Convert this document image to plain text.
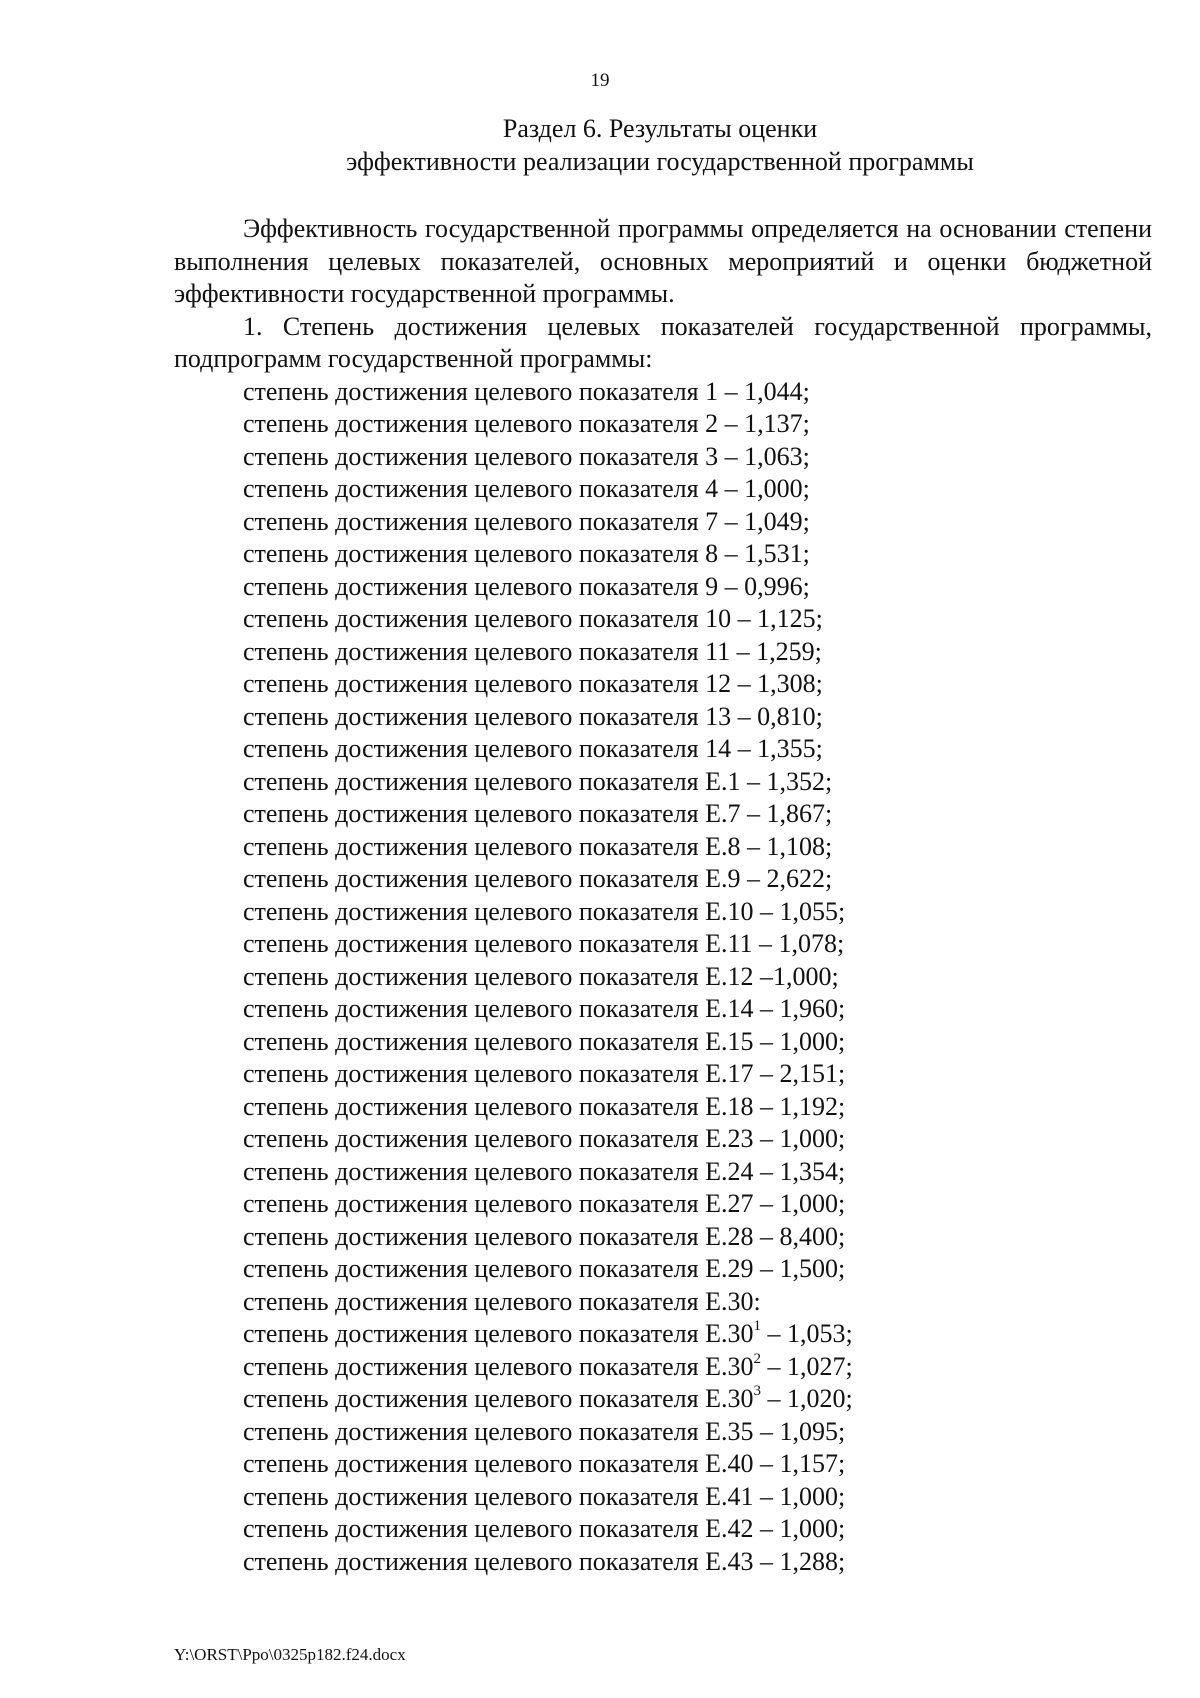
19
Раздел 6. Результаты оценки
эффективности реализации государственной программы

Эффективность государственной программы определяется на основании степени выполнения целевых показателей, основных мероприятий и оценки бюджетной эффективности государственной программы.

1. Степень достижения целевых показателей государственной программы, подпрограмм государственной программы:

степень достижения целевого показателя 1 – 1,044;
степень достижения целевого показателя 2 – 1,137;
степень достижения целевого показателя 3 – 1,063;
степень достижения целевого показателя 4 – 1,000;
степень достижения целевого показателя 7 – 1,049;
степень достижения целевого показателя 8 – 1,531;
степень достижения целевого показателя 9 – 0,996;
степень достижения целевого показателя 10 – 1,125;
степень достижения целевого показателя 11 – 1,259;
степень достижения целевого показателя 12 – 1,308;
степень достижения целевого показателя 13 – 0,810;
степень достижения целевого показателя 14 – 1,355;
степень достижения целевого показателя Е.1 – 1,352;
степень достижения целевого показателя Е.7 – 1,867;
степень достижения целевого показателя Е.8 – 1,108;
степень достижения целевого показателя Е.9 – 2,622;
степень достижения целевого показателя Е.10 – 1,055;
степень достижения целевого показателя Е.11 – 1,078;
степень достижения целевого показателя Е.12 –1,000;
степень достижения целевого показателя Е.14 – 1,960;
степень достижения целевого показателя Е.15 – 1,000;
степень достижения целевого показателя Е.17 – 2,151;
степень достижения целевого показателя Е.18 – 1,192;
степень достижения целевого показателя Е.23 – 1,000;
степень достижения целевого показателя Е.24 – 1,354;
степень достижения целевого показателя Е.27 – 1,000;
степень достижения целевого показателя Е.28 – 8,400;
степень достижения целевого показателя Е.29 – 1,500;
степень достижения целевого показателя Е.30:
степень достижения целевого показателя $Е.30^1 - 1,053$;
степень достижения целевого показателя $Е.30^2 - 1,027$;
степень достижения целевого показателя $Е.30^3 - 1,020$;
степень достижения целевого показателя Е.35 – 1,095;
степень достижения целевого показателя Е.40 – 1,157;
степень достижения целевого показателя Е.41 – 1,000;
степень достижения целевого показателя Е.42 – 1,000;
степень достижения целевого показателя Е.43 – 1,288;
Y:\ORST\Ppo\0325p182.f24.docx
